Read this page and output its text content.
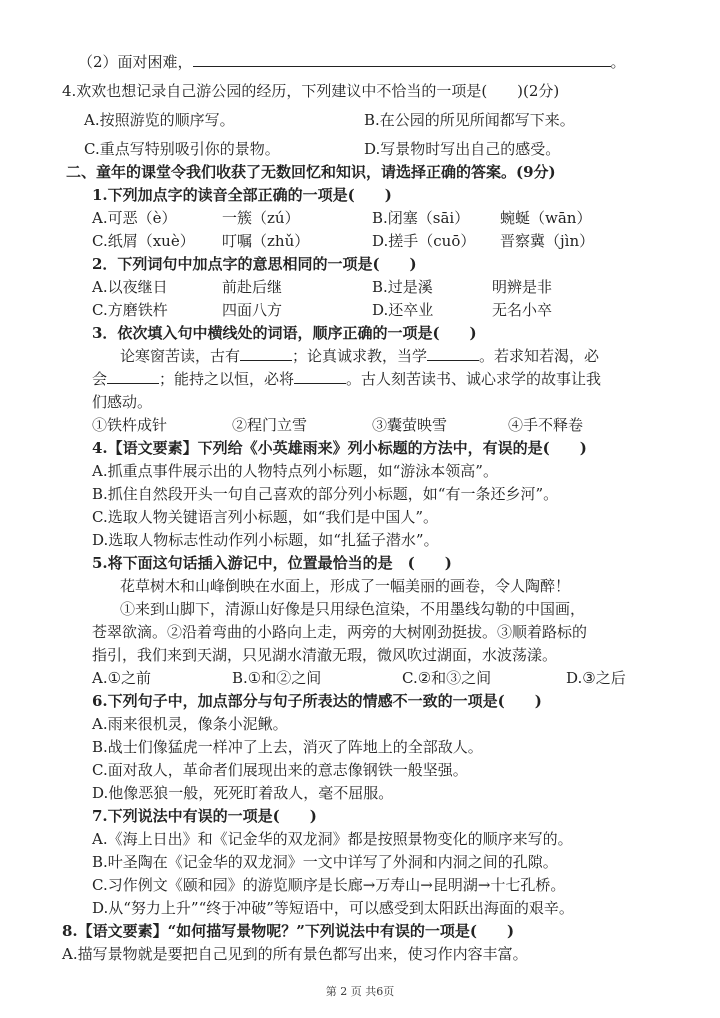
（2）面对困难，	。
4.欢欢也想记录自己游公园的经历，下列建议中不恰当的一项是(　　)(2分)
A.按照游览的顺序写。	B.在公园的所见所闻都写下来。
C.重点写特别吸引你的景物。	D.写景物时写出自己的感受。
二、童年的课堂令我们收获了无数回忆和知识，请选择正确的答案。(9分)
1.下列加点字的读音全部正确的一项是(　　)
A.可恶（è）	一簇（zú）	B.闭塞（sāi） 蜿蜒（wān）
C.纸屑（xuè） 叮嘱（zhǔ）	D.搓手（cuō） 晋察冀（jìn）
2．下列词句中加点字的意思相同的一项是(　　)
A.以夜继日	前赴后继	B.过是溪	明辨是非
C.方磨铁杵	四面八方	D.还卒业	无名小卒
3．依次填入句中横线处的词语，顺序正确的一项是(　　)
论寒窗苦读，古有	；论真诚求教，当学	。若求知若渴，必
会	；能持之以恒，必将	。古人刻苦读书、诚心求学的故事让我
们感动。
①铁杵成针	②程门立雪	③囊萤映雪	④手不释卷
4.【语文要素】下列给《小英雄雨来》列小标题的方法中，有误的是(　　)
A.抓重点事件展示出的人物特点列小标题，如“游泳本领高”。
B.抓住自然段开头一句自己喜欢的部分列小标题，如“有一条还乡河”。
C.选取人物关键语言列小标题，如“我们是中国人”。
D.选取人物标志性动作列小标题，如“扎猛子潜水”。
5.将下面这句话插入游记中，位置最恰当的是　(　　)
花草树木和山峰倒映在水面上，形成了一幅美丽的画卷，令人陶醉！
①来到山脚下，清源山好像是只用绿色渲染，不用墨线勾勒的中国画，
苍翠欲滴。②沿着弯曲的小路向上走，两旁的大树刚劲挺拔。③顺着路标的
指引，我们来到天湖，只见湖水清澈无瑕，微风吹过湖面，水波荡漾。
A.①之前	B.①和②之间	C.②和③之间	D.③之后
6.下列句子中，加点部分与句子所表达的情感不一致的一项是(　　)
A.雨来很机灵，像条小泥鳅。
B.战士们像猛虎一样冲了上去，消灭了阵地上的全部敌人。
C.面对敌人，革命者们展现出来的意志像钢铁一般坚强。
D.他像恶狼一般，死死盯着敌人，毫不屈服。
7.下列说法中有误的一项是(　　)
A.《海上日出》和《记金华的双龙洞》都是按照景物变化的顺序来写的。
B.叶圣陶在《记金华的双龙洞》一文中详写了外洞和内洞之间的孔隙。
C.习作例文《颐和园》的游览顺序是长廊→万寿山→昆明湖→十七孔桥。
D.从“努力上升”“终于冲破”等短语中，可以感受到太阳跃出海面的艰辛。
8.【语文要素】“如何描写景物呢？”下列说法中有误的一项是(　　)
A.描写景物就是要把自己见到的所有景色都写出来，使习作内容丰富。
第 2 页 共6页
